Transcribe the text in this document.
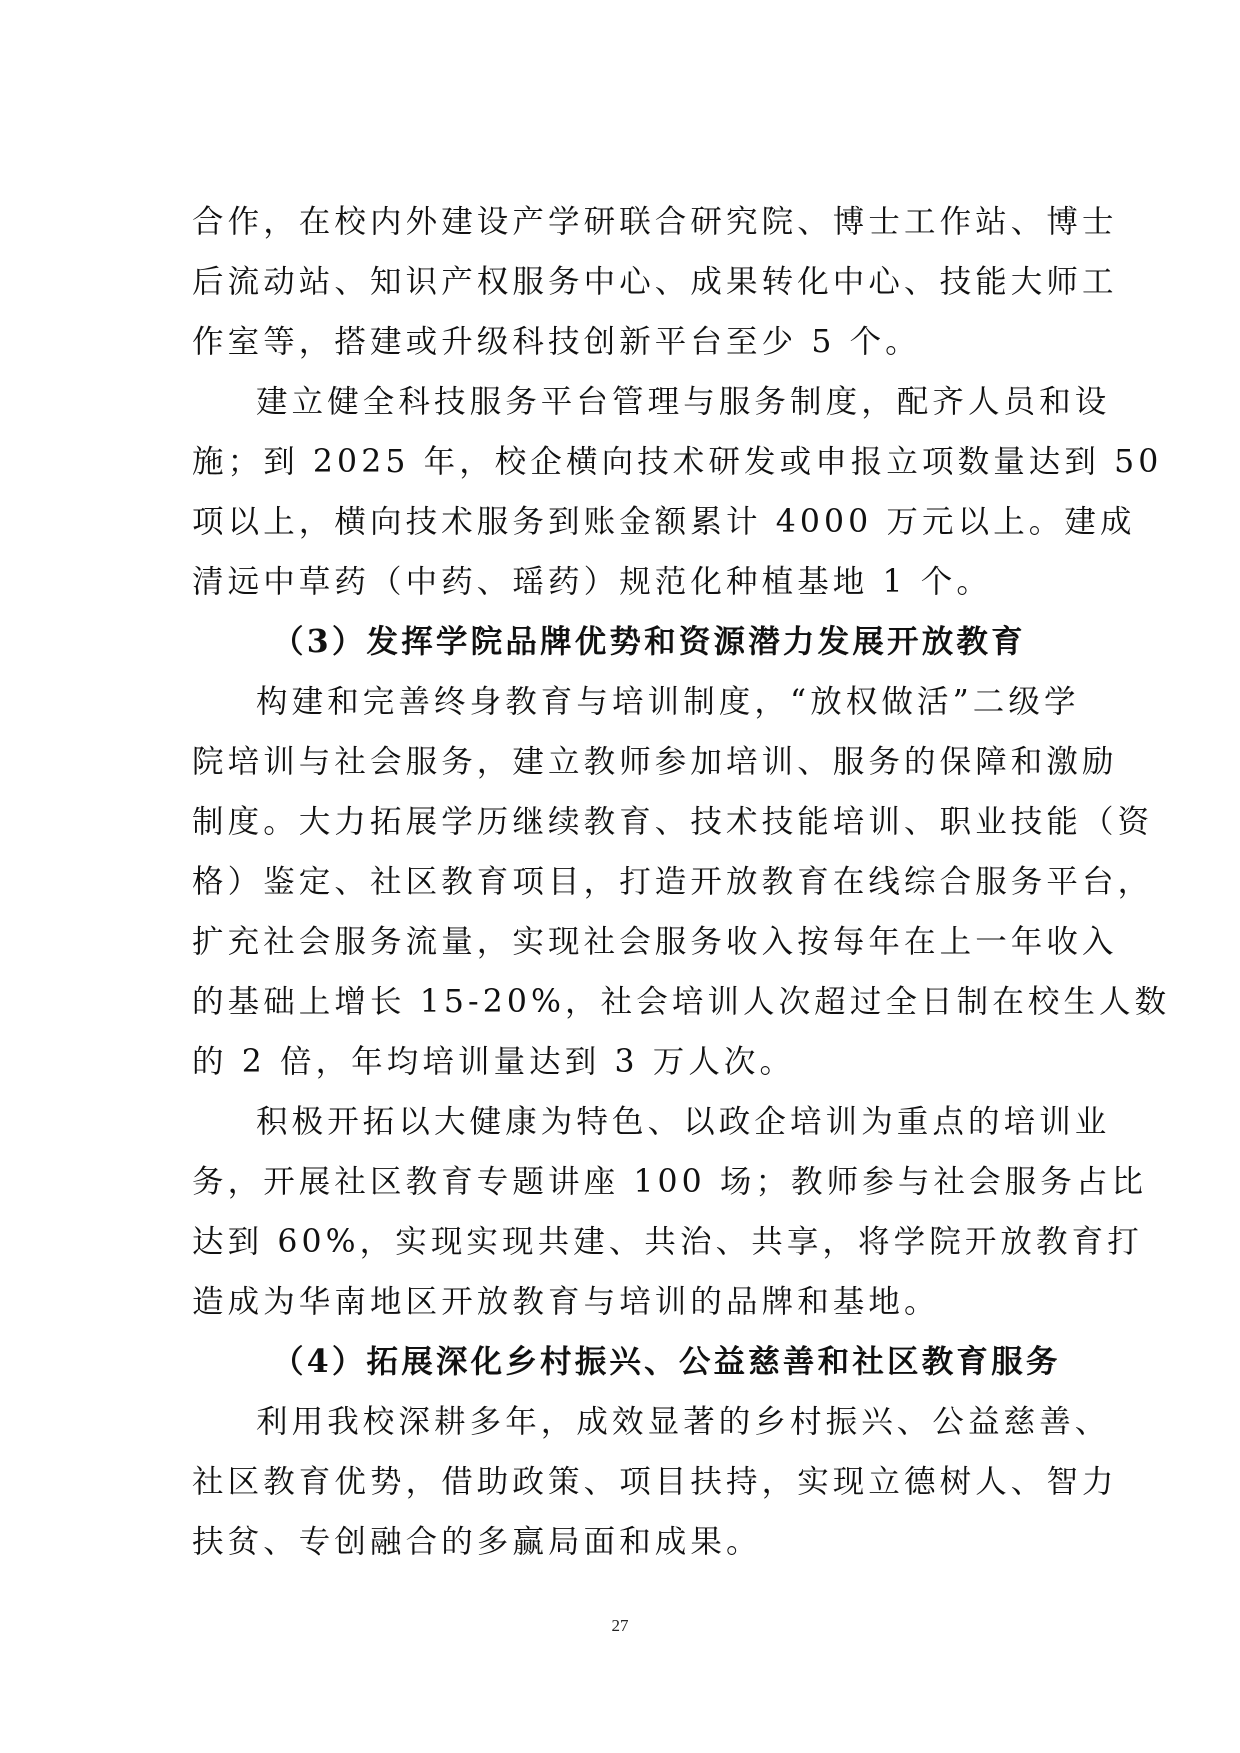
合作，在校内外建设产学研联合研究院、博士工作站、博士
后流动站、知识产权服务中心、成果转化中心、技能大师工
作室等，搭建或升级科技创新平台至少 5 个。
建立健全科技服务平台管理与服务制度，配齐人员和设
施；到 2025 年，校企横向技术研发或申报立项数量达到 50
项以上，横向技术服务到账金额累计 4000 万元以上。建成
清远中草药（中药、瑶药）规范化种植基地 1 个。
（3）发挥学院品牌优势和资源潜力发展开放教育
构建和完善终身教育与培训制度，“放权做活”二级学
院培训与社会服务，建立教师参加培训、服务的保障和激励
制度。大力拓展学历继续教育、技术技能培训、职业技能（资
格）鉴定、社区教育项目，打造开放教育在线综合服务平台，
扩充社会服务流量，实现社会服务收入按每年在上一年收入
的基础上增长 15-20%，社会培训人次超过全日制在校生人数
的 2 倍，年均培训量达到 3 万人次。
积极开拓以大健康为特色、以政企培训为重点的培训业
务，开展社区教育专题讲座 100 场；教师参与社会服务占比
达到 60%，实现实现共建、共治、共享，将学院开放教育打
造成为华南地区开放教育与培训的品牌和基地。
（4）拓展深化乡村振兴、公益慈善和社区教育服务
利用我校深耕多年，成效显著的乡村振兴、公益慈善、
社区教育优势，借助政策、项目扶持，实现立德树人、智力
扶贫、专创融合的多赢局面和成果。
27
